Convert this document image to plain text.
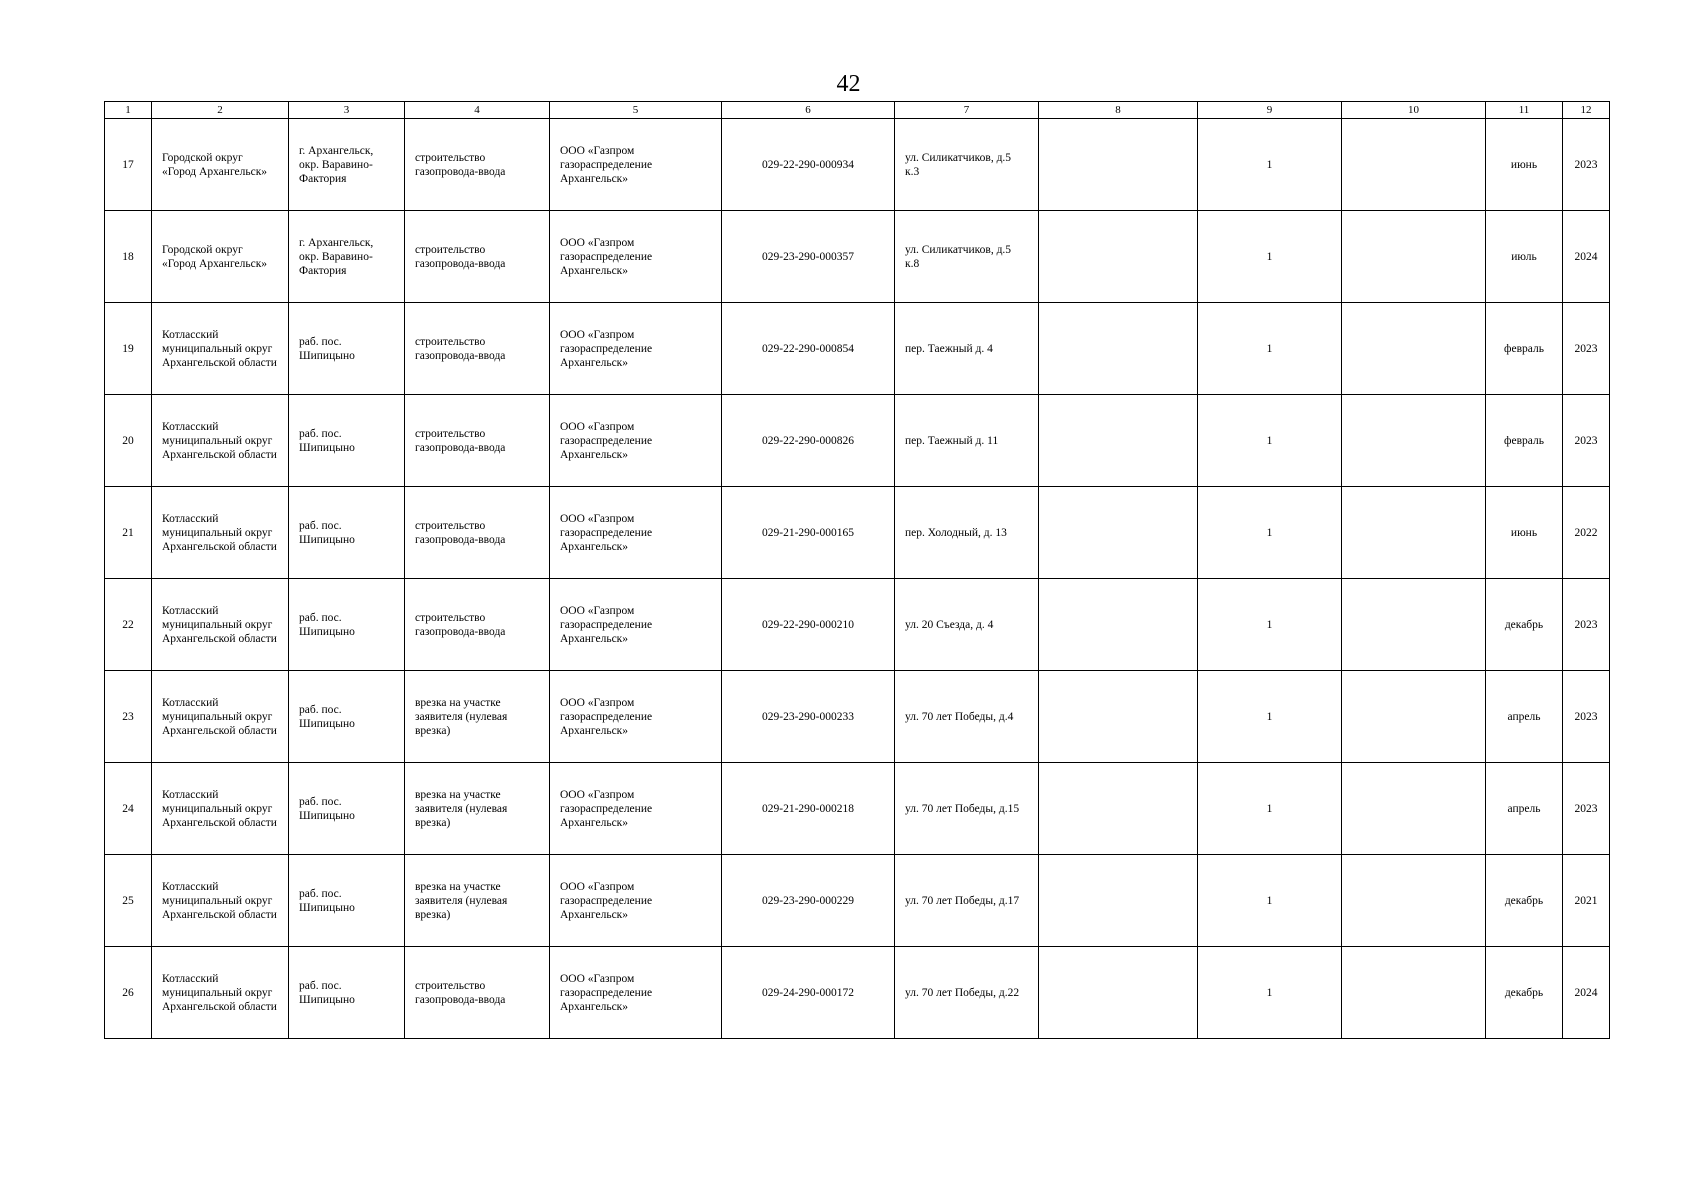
42
1	2	3	4	5	6	7	8	9	10	11	12
17	Городской округ «Город Архангельск»	г. Архангельск, окр. Варавино-Фактория	строительство газопровода-ввода	ООО «Газпром газораспределение Архангельск»	029-22-290-000934	ул. Силикатчиков, д.5 к.3		1		июнь	2023
18	Городской округ «Город Архангельск»	г. Архангельск, окр. Варавино-Фактория	строительство газопровода-ввода	ООО «Газпром газораспределение Архангельск»	029-23-290-000357	ул. Силикатчиков, д.5 к.8		1		июль	2024
19	Котласский муниципальный округ Архангельской области	раб. пос. Шипицыно	строительство газопровода-ввода	ООО «Газпром газораспределение Архангельск»	029-22-290-000854	пер. Таежный д. 4		1		февраль	2023
20	Котласский муниципальный округ Архангельской области	раб. пос. Шипицыно	строительство газопровода-ввода	ООО «Газпром газораспределение Архангельск»	029-22-290-000826	пер. Таежный д. 11		1		февраль	2023
21	Котласский муниципальный округ Архангельской области	раб. пос. Шипицыно	строительство газопровода-ввода	ООО «Газпром газораспределение Архангельск»	029-21-290-000165	пер. Холодный, д. 13		1		июнь	2022
22	Котласский муниципальный округ Архангельской области	раб. пос. Шипицыно	строительство газопровода-ввода	ООО «Газпром газораспределение Архангельск»	029-22-290-000210	ул. 20 Съезда, д. 4		1		декабрь	2023
23	Котласский муниципальный округ Архангельской области	раб. пос. Шипицыно	врезка на участке заявителя (нулевая врезка)	ООО «Газпром газораспределение Архангельск»	029-23-290-000233	ул. 70 лет Победы, д.4		1		апрель	2023
24	Котласский муниципальный округ Архангельской области	раб. пос. Шипицыно	врезка на участке заявителя (нулевая врезка)	ООО «Газпром газораспределение Архангельск»	029-21-290-000218	ул. 70 лет Победы, д.15		1		апрель	2023
25	Котласский муниципальный округ Архангельской области	раб. пос. Шипицыно	врезка на участке заявителя (нулевая врезка)	ООО «Газпром газораспределение Архангельск»	029-23-290-000229	ул. 70 лет Победы, д.17		1		декабрь	2021
26	Котласский муниципальный округ Архангельской области	раб. пос. Шипицыно	строительство газопровода-ввода	ООО «Газпром газораспределение Архангельск»	029-24-290-000172	ул. 70 лет Победы, д.22		1		декабрь	2024
